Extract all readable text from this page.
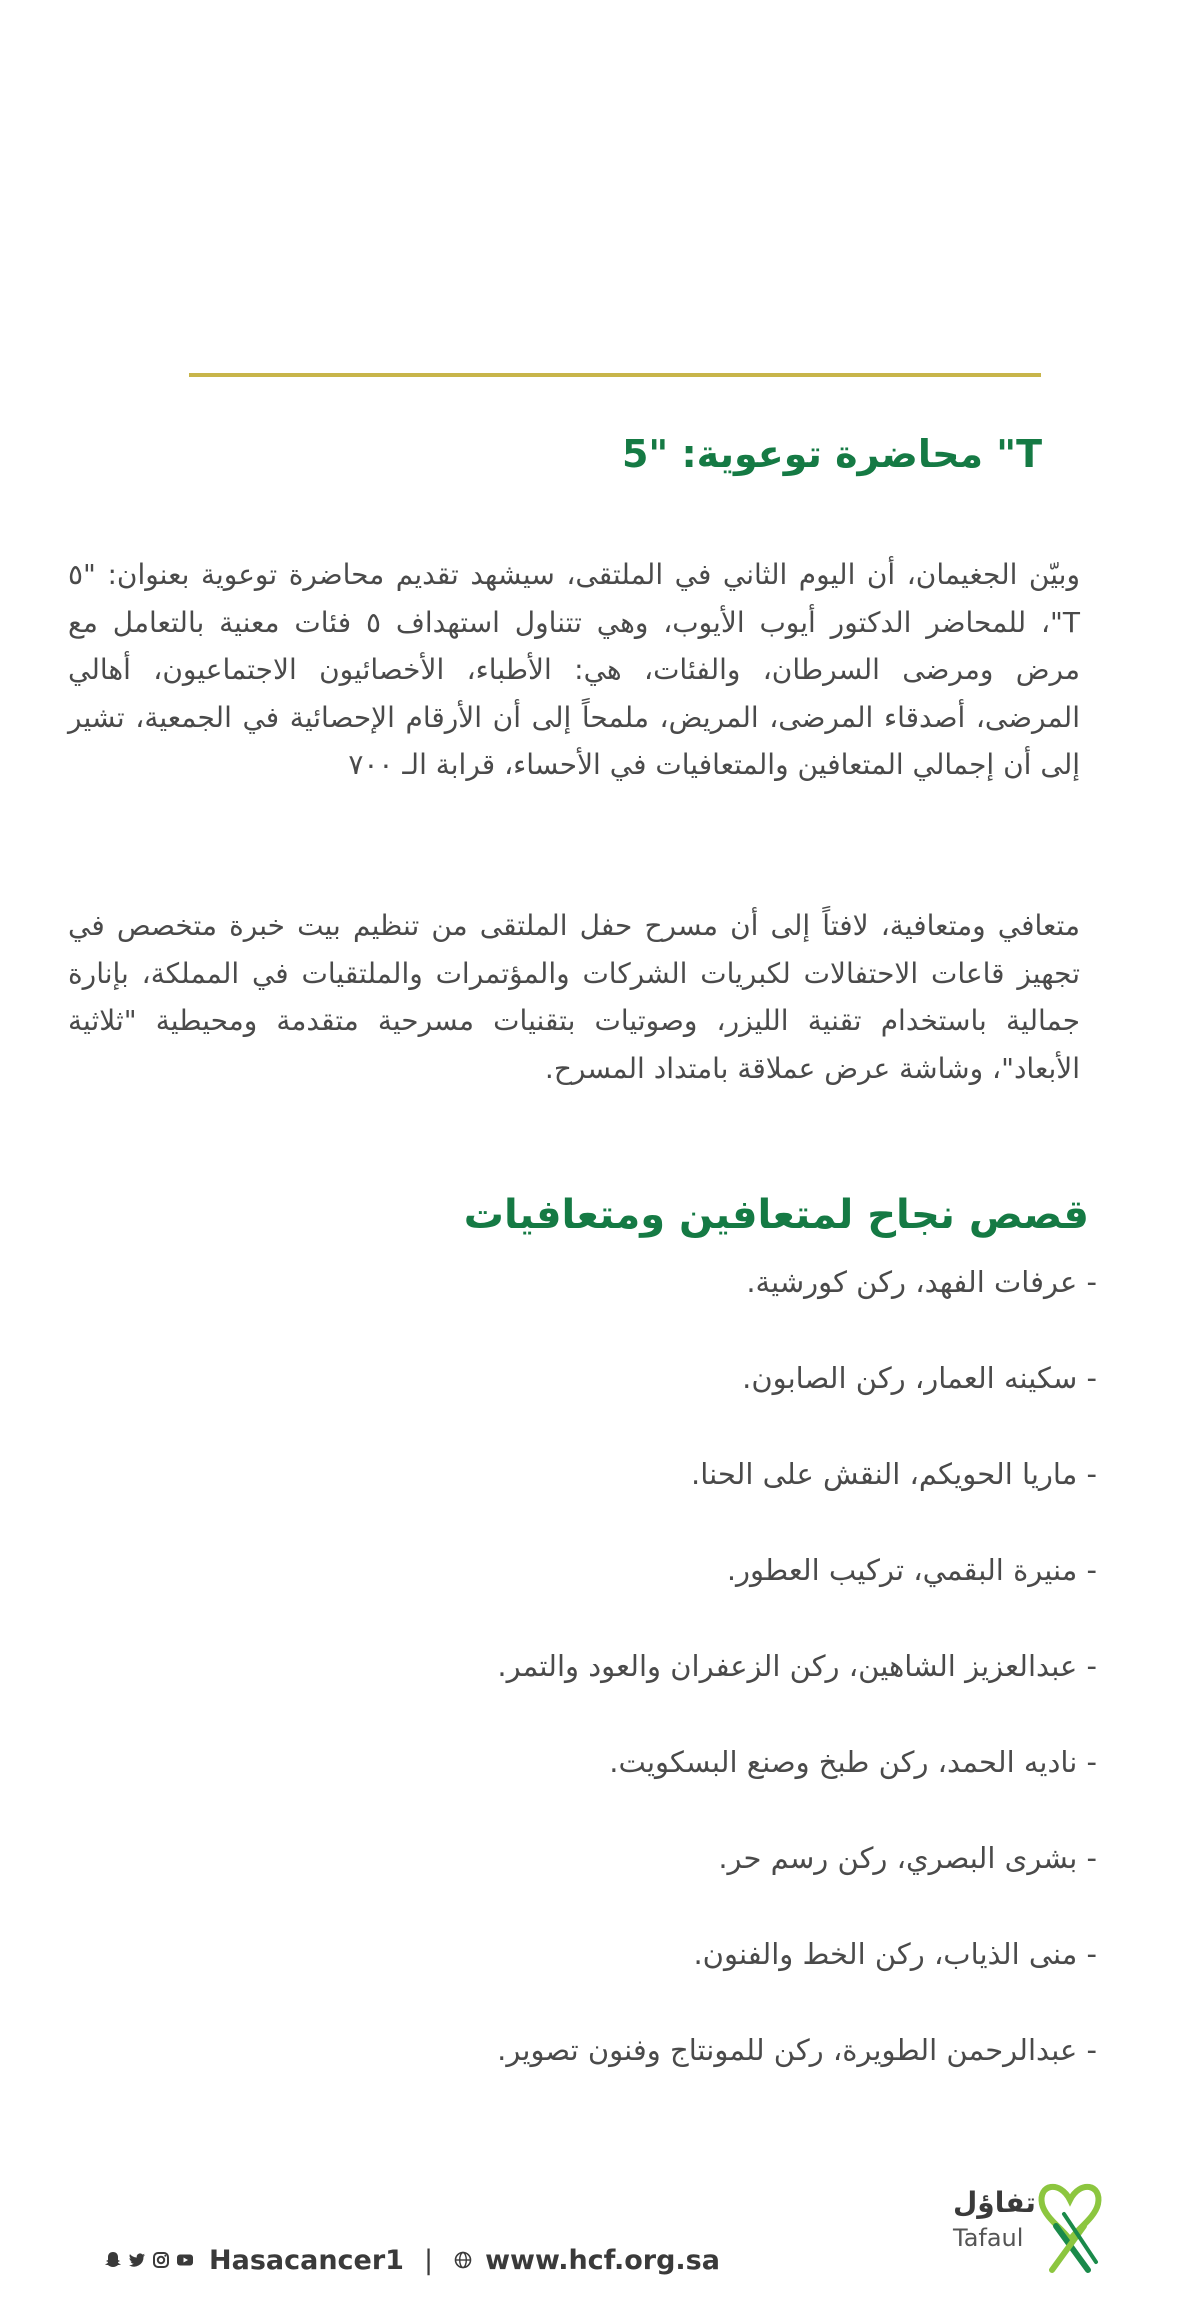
T" محاضرة توعوية: "5

وبيّن الجغيمان، أن اليوم الثاني في الملتقى، سيشهد تقديم محاضرة توعوية بعنوان: "٥ T"، للمحاضر الدكتور أيوب الأيوب، وهي تتناول استهداف ٥ فئات معنية بالتعامل مع مرض ومرضى السرطان، والفئات، هي: الأطباء، الأخصائيون الاجتماعيون، أهالي المرضى، أصدقاء المرضى، المريض، ملمحاً إلى أن الأرقام الإحصائية في الجمعية، تشير إلى أن إجمالي المتعافين والمتعافيات في الأحساء، قرابة الـ ٧٠٠

متعافي ومتعافية، لافتاً إلى أن مسرح حفل الملتقى من تنظيم بيت خبرة متخصص في تجهيز قاعات الاحتفالات لكبريات الشركات والمؤتمرات والملتقيات في المملكة، بإنارة جمالية باستخدام تقنية الليزر، وصوتيات بتقنيات مسرحية متقدمة ومحيطية "ثلاثية الأبعاد"، وشاشة عرض عملاقة بامتداد المسرح.

قصص نجاح لمتعافين ومتعافيات
- عرفات الفهد، ركن كورشية.
- سكينه العمار، ركن الصابون.
- ماريا الحويكم، النقش على الحنا.
- منيرة البقمي، تركيب العطور.
- عبدالعزيز الشاهين، ركن الزعفران والعود والتمر.
- ناديه الحمد، ركن طبخ وصنع البسكويت.
- بشرى البصري، ركن رسم حر.
- منى الذياب، ركن الخط والفنون.
- عبدالرحمن الطويرة، ركن للمونتاج وفنون تصوير.
Hasacancer1 | www.hcf.org.sa
تفاؤل
Tafaul
